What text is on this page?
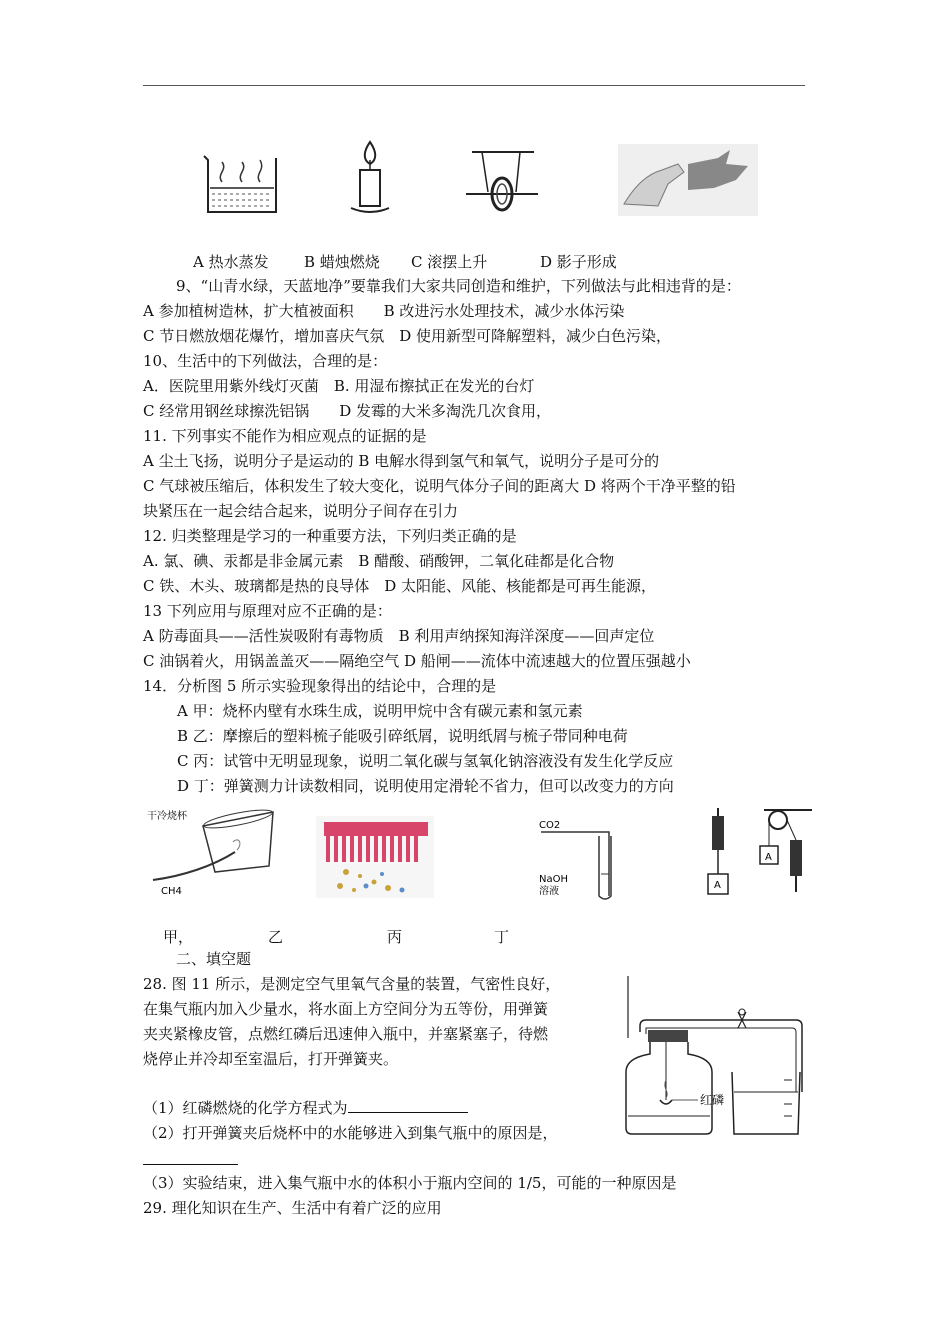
A 热水蒸发 B 蜡烛燃烧 C 滚摆上升	D 影子形成
9、“山青水绿，天蓝地净”要靠我们大家共同创造和维护，下列做法与此相违背的是：
A 参加植树造林，扩大植被面积　　B 改进污水处理技术，减少水体污染
C 节日燃放烟花爆竹，增加喜庆气氛　D 使用新型可降解塑料，减少白色污染，
10、生活中的下列做法，合理的是：
A．医院里用紫外线灯灭菌　B. 用湿布擦拭正在发光的台灯
C 经常用钢丝球擦洗铝锅　　D 发霉的大米多淘洗几次食用，
11. 下列事实不能作为相应观点的证据的是
A 尘土飞扬，说明分子是运动的 B 电解水得到氢气和氧气，说明分子是可分的
C 气球被压缩后，体积发生了较大变化，说明气体分子间的距离大 D 将两个干净平整的铅
块紧压在一起会结合起来，说明分子间存在引力
12. 归类整理是学习的一种重要方法，下列归类正确的是
A. 氯、碘、汞都是非金属元素　B 醋酸、硝酸钾，二氧化硅都是化合物
C 铁、木头、玻璃都是热的良导体　D 太阳能、风能、核能都是可再生能源，
13 下列应用与原理对应不正确的是：
A 防毒面具——活性炭吸附有毒物质　B 利用声纳探知海洋深度——回声定位
C 油锅着火，用锅盖盖灭——隔绝空气 D 船闸——流体中流速越大的位置压强越小
14．分析图 5 所示实验现象得出的结论中，合理的是
A 甲：烧杯内壁有水珠生成，说明甲烷中含有碳元素和氢元素
B 乙：摩擦后的塑料梳子能吸引碎纸屑，说明纸屑与梳子带同种电荷
C 丙：试管中无明显现象，说明二氧化碳与氢氧化钠溶液没有发生化学反应
D 丁：弹簧测力计读数相同，说明使用定滑轮不省力，但可以改变力的方向
干冷烧杯
CH4
CO2
NaOH
溶液
A
A
甲，	乙	丙	丁
二、填空题
28. 图 11 所示，是测定空气里氧气含量的装置，气密性良好，
在集气瓶内加入少量水，将水面上方空间分为五等份，用弹簧
夹夹紧橡皮管，点燃红磷后迅速伸入瓶中，并塞紧塞子，待燃
烧停止并冷却至室温后，打开弹簧夹。
（1）红磷燃烧的化学方程式为
（2）打开弹簧夹后烧杯中的水能够进入到集气瓶中的原因是，
（3）实验结束，进入集气瓶中水的体积小于瓶内空间的 1/5，可能的一种原因是
红磷
29. 理化知识在生产、生活中有着广泛的应用
